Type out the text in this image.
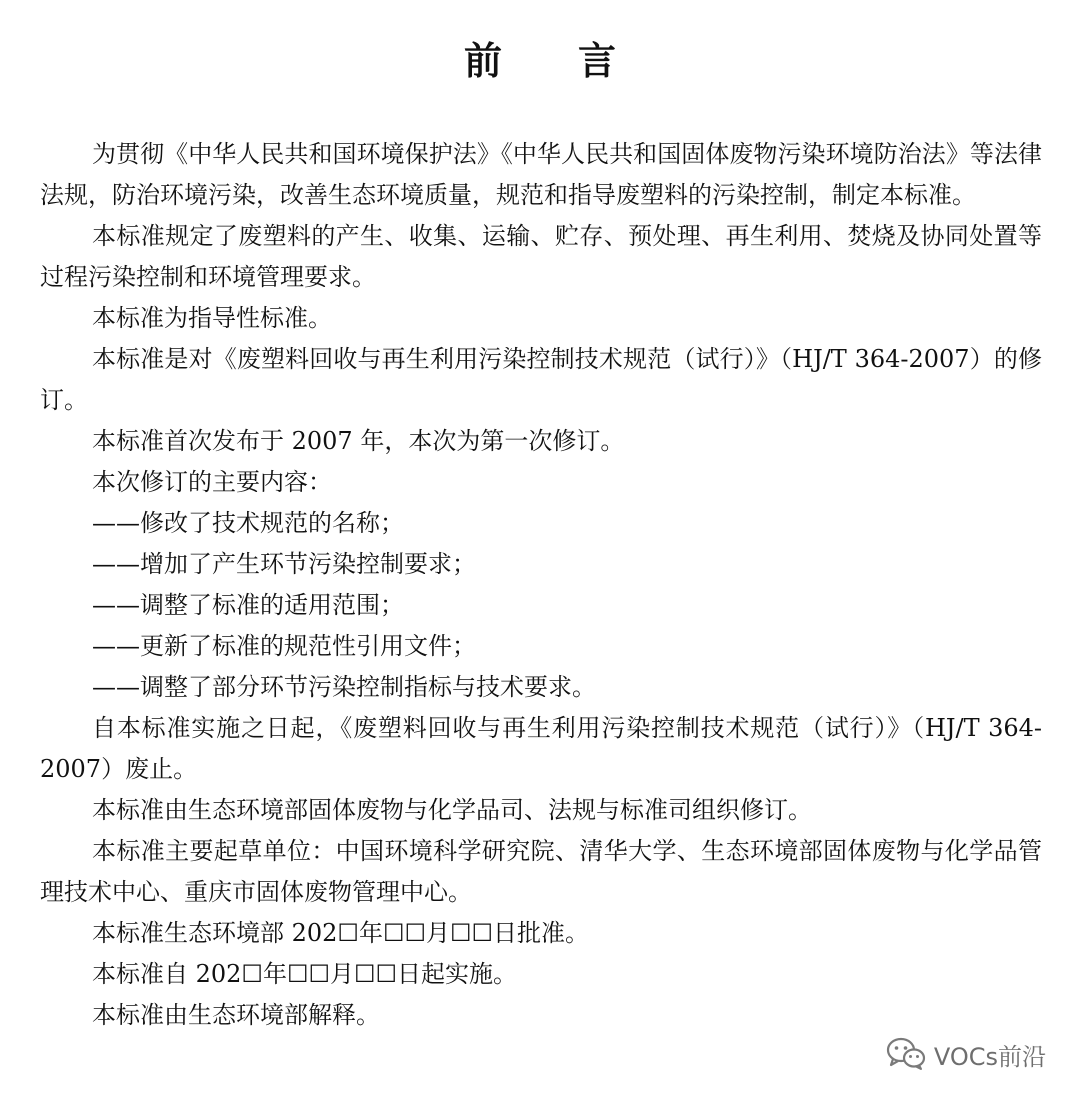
前 言

为贯彻《中华人民共和国环境保护法》《中华人民共和国固体废物污染环境防治法》等法律法规，防治环境污染，改善生态环境质量，规范和指导废塑料的污染控制，制定本标准。

本标准规定了废塑料的产生、收集、运输、贮存、预处理、再生利用、焚烧及协同处置等过程污染控制和环境管理要求。

本标准为指导性标准。

本标准是对《废塑料回收与再生利用污染控制技术规范（试行）》（HJ/T 364-2007）的修订。

本标准首次发布于 2007 年，本次为第一次修订。

本次修订的主要内容：

——修改了技术规范的名称；

——增加了产生环节污染控制要求；

——调整了标准的适用范围；

——更新了标准的规范性引用文件；

——调整了部分环节污染控制指标与技术要求。

自本标准实施之日起，《废塑料回收与再生利用污染控制技术规范（试行）》（HJ/T 364-2007）废止。

本标准由生态环境部固体废物与化学品司、法规与标准司组织修订。

本标准主要起草单位：中国环境科学研究院、清华大学、生态环境部固体废物与化学品管理技术中心、重庆市固体废物管理中心。

本标准生态环境部 202☐年☐☐月☐☐日批准。

本标准自 202☐年☐☐月☐☐日起实施。

本标准由生态环境部解释。

VOCs前沿
